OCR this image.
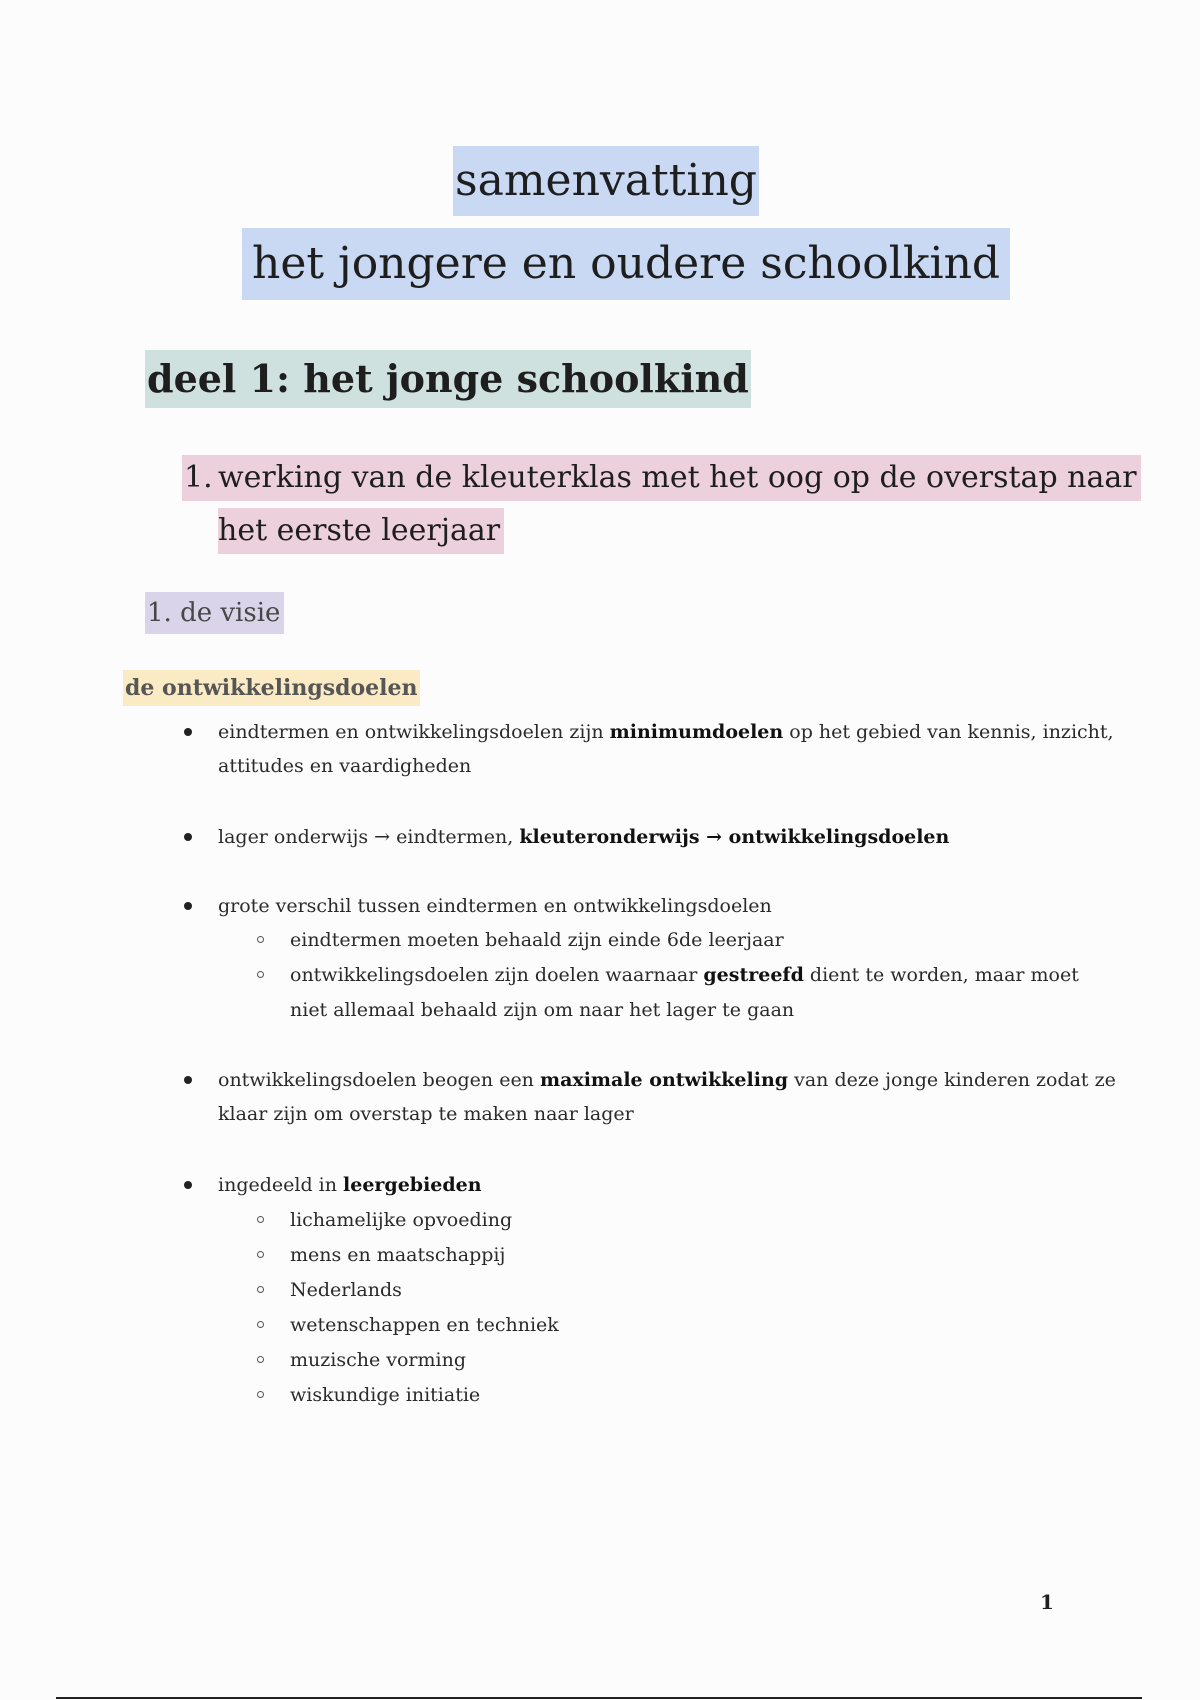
samenvatting
het jongere en oudere schoolkind
deel 1: het jonge schoolkind
1. werking van de kleuterklas met het oog op de overstap naar
het eerste leerjaar
1. de visie
de ontwikkelingsdoelen
eindtermen en ontwikkelingsdoelen zijn minimumdoelen op het gebied van kennis, inzicht,
attitudes en vaardigheden
lager onderwijs → eindtermen, kleuteronderwijs → ontwikkelingsdoelen
grote verschil tussen eindtermen en ontwikkelingsdoelen
eindtermen moeten behaald zijn einde 6de leerjaar
ontwikkelingsdoelen zijn doelen waarnaar gestreefd dient te worden, maar moet
niet allemaal behaald zijn om naar het lager te gaan
ontwikkelingsdoelen beogen een maximale ontwikkeling van deze jonge kinderen zodat ze
klaar zijn om overstap te maken naar lager
ingedeeld in leergebieden
lichamelijke opvoeding
mens en maatschappij
Nederlands
wetenschappen en techniek
muzische vorming
wiskundige initiatie
1
